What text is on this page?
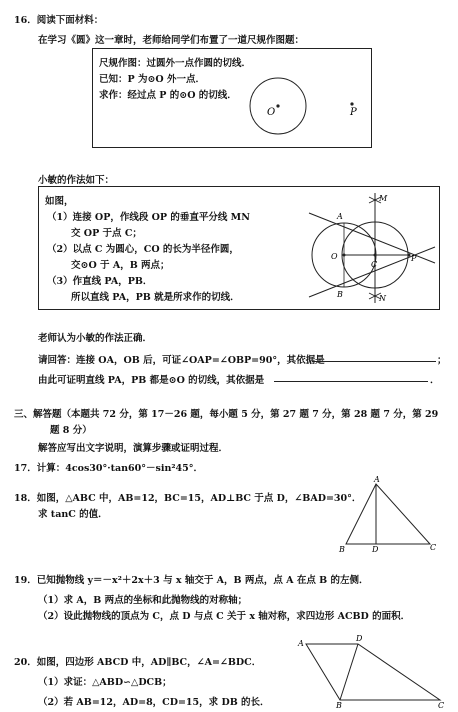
16．阅读下面材料：
在学习《圆》这一章时，老师给同学们布置了一道尺规作图题：
尺规作图：过圆外一点作圆的切线．
已知：P 为⊙O 外一点．
求作：经过点 P 的⊙O 的切线．
O	P
小敏的作法如下：
如图，
（1）连接 OP，作线段 OP 的垂直平分线 MN
交 OP 于点 C；
（2）以点 C 为圆心，CO 的长为半径作圆，
交⊙O 于 A，B 两点；
（3）作直线 PA，PB．
所以直线 PA，PB 就是所求作的切线．
M
A
O
C
P
B	N
老师认为小敏的作法正确．
请回答：连接 OA，OB 后，可证∠OAP=∠OBP=90°，其依据是	；
由此可证明直线 PA，PB 都是⊙O 的切线，其依据是	．
三、解答题（本题共 72 分，第 17－26 题，每小题 5 分，第 27 题 7 分，第 28 题 7 分，第 29
题 8 分）
解答应写出文字说明，演算步骤或证明过程．
17．计算：4cos30°·tan60°－sin²45°．
18．如图，△ABC 中，AB=12，BC=15，AD⊥BC 于点 D，∠BAD=30°．
求 tanC 的值．
A
B	D	C
19．已知抛物线 y＝－x²＋2x＋3 与 x 轴交于 A，B 两点，点 A 在点 B 的左侧．
（1）求 A，B 两点的坐标和此抛物线的对称轴；
（2）设此抛物线的顶点为 C，点 D 与点 C 关于 x 轴对称，求四边形 ACBD 的面积．
20．如图，四边形 ABCD 中，AD∥BC，∠A=∠BDC．
（1）求证：△ABD∽△DCB；
（2）若 AB=12，AD=8，CD=15，求 DB 的长．
A
D
B	C
